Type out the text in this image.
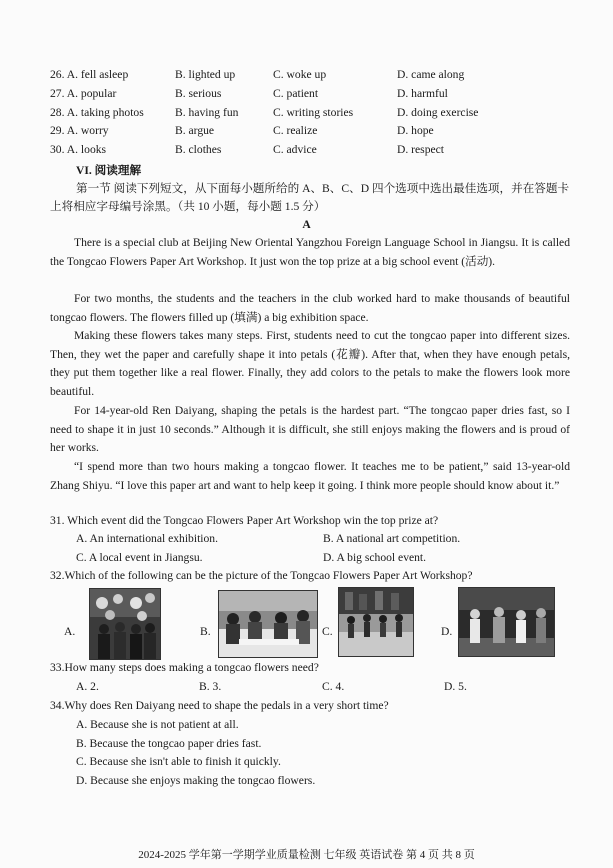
26. A. fell asleep	B. lighted up	C. woke up	D. came along
27. A. popular	B. serious	C. patient	D. harmful
28. A. taking photos	B. having fun	C. writing stories	D. doing exercise
29. A. worry	B. argue	C. realize	D. hope
30. A. looks	B. clothes	C. advice	D. respect
VI. 阅读理解
第一节 阅读下列短文，从下面每小题所给的 A、B、C、D 四个选项中选出最佳选项，并在答题卡上将相应字母编号涂黑。（共 10 小题，每小题 1.5 分）
A

There is a special club at Beijing New Oriental Yangzhou Foreign Language School in Jiangsu. It is called the Tongcao Flowers Paper Art Workshop. It just won the top prize at a big school event (活动).

For two months, the students and the teachers in the club worked hard to make thousands of beautiful tongcao flowers. The flowers filled up (填满) a big exhibition space.

Making these flowers takes many steps. First, students need to cut the tongcao paper into different sizes. Then, they wet the paper and carefully shape it into petals (花瓣). After that, when they have enough petals, they put them together like a real flower. Finally, they add colors to the petals to make the flowers look more beautiful.

For 14-year-old Ren Daiyang, shaping the petals is the hardest part. “The tongcao paper dries fast, so I need to shape it in just 10 seconds.” Although it is difficult, she still enjoys making the flowers and is proud of her works.

“I spend more than two hours making a tongcao flower. It teaches me to be patient,” said 13-year-old Zhang Shiyu. “I love this paper art and want to help keep it going. I think more people should know about it.”

31. Which event did the Tongcao Flowers Paper Art Workshop win the top prize at?
A. An international exhibition.	B. A national art competition.
C. A local event in Jiangsu.	D. A big school event.
32.Which of the following can be the picture of the Tongcao Flowers Paper Art Workshop?
A.	B.	C.	D.
33.How many steps does making a tongcao flowers need?
A. 2.	B. 3.	C. 4.	D. 5.
34.Why does Ren Daiyang need to shape the pedals in a very short time?
A. Because she is not patient at all.
B. Because the tongcao paper dries fast.
C. Because she isn't able to finish it quickly.
D. Because she enjoys making the tongcao flowers.
2024-2025 学年第一学期学业质量检测 七年级 英语试卷 第 4 页 共 8 页
